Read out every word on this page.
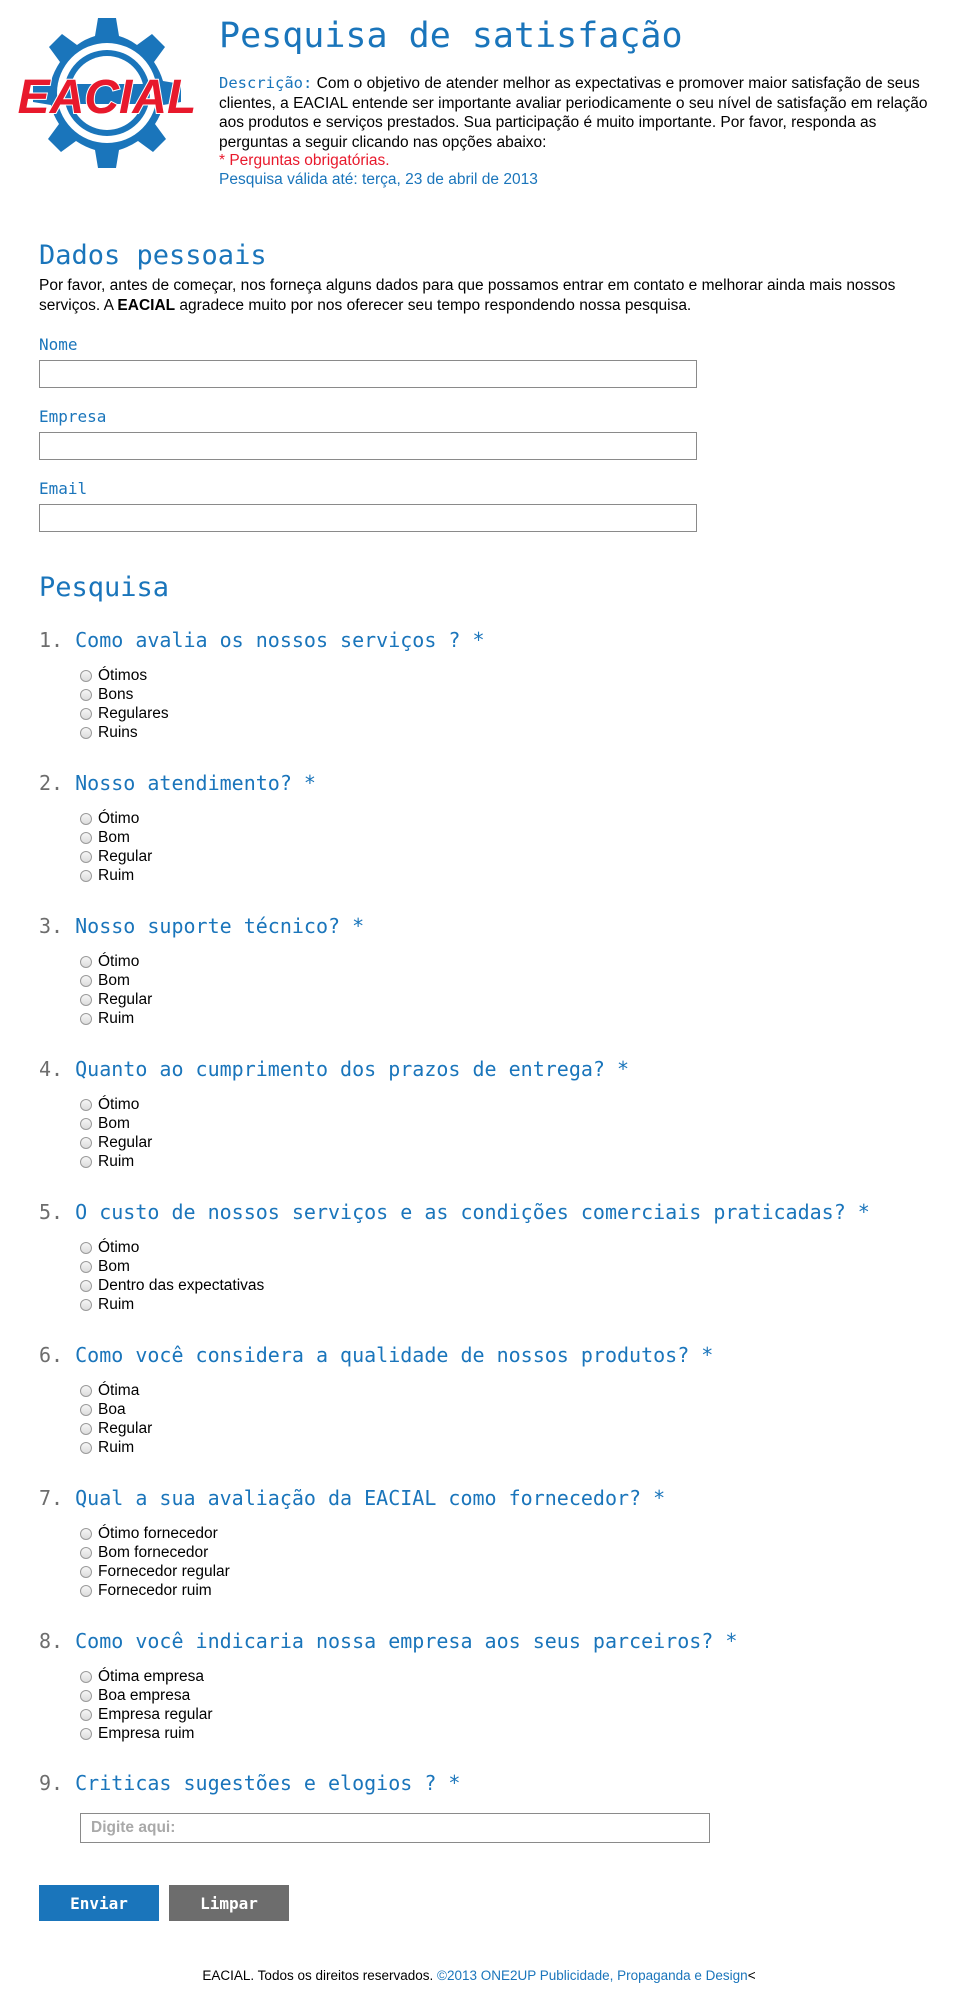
EACIAL
Pesquisa de satisfação
Descrição: Com o objetivo de atender melhor as expectativas e promover maior satisfação de seus clientes, a EACIAL entende ser importante avaliar periodicamente o seu nível de satisfação em relação aos produtos e serviços prestados. Sua participação é muito importante. Por favor, responda as perguntas a seguir clicando nas opções abaixo:
* Perguntas obrigatórias.
Pesquisa válida até: terça, 23 de abril de 2013
Dados pessoais
Por favor, antes de começar, nos forneça alguns dados para que possamos entrar em contato e melhorar ainda mais nossos serviços. A EACIAL agradece muito por nos oferecer seu tempo respondendo nossa pesquisa.
Nome
Empresa
Email
Pesquisa
1. Como avalia os nossos serviços ? *
Ótimos
Bons
Regulares
Ruins
2. Nosso atendimento? *
Ótimo
Bom
Regular
Ruim
3. Nosso suporte técnico? *
Ótimo
Bom
Regular
Ruim
4. Quanto ao cumprimento dos prazos de entrega? *
Ótimo
Bom
Regular
Ruim
5. O custo de nossos serviços e as condições comerciais praticadas? *
Ótimo
Bom
Dentro das expectativas
Ruim
6. Como você considera a qualidade de nossos produtos? *
Ótima
Boa
Regular
Ruim
7. Qual a sua avaliação da EACIAL como fornecedor? *
Ótimo fornecedor
Bom fornecedor
Fornecedor regular
Fornecedor ruim
8. Como você indicaria nossa empresa aos seus parceiros? *
Ótima empresa
Boa empresa
Empresa regular
Empresa ruim
9. Criticas sugestões e elogios ? *
Digite aqui:
Enviar	Limpar
EACIAL. Todos os direitos reservados. ©2013 ONE2UP Publicidade, Propaganda e Design<
